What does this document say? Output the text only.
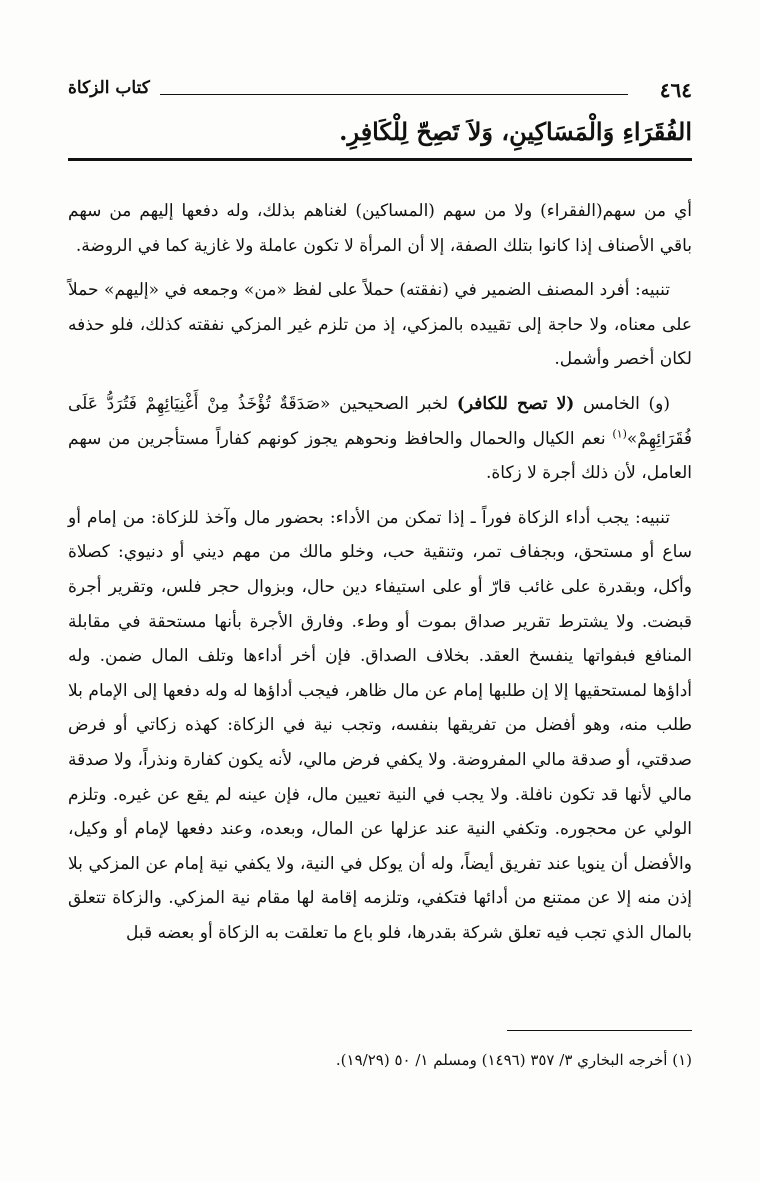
٤٦٤
كتاب الزكاة
الفُقَرَاءِ وَالْمَسَاكِينِ، وَلاَ تَصِحّ لِلْكَافِرِ.

أي من سهم(الفقراء) ولا من سهم (المساكين) لغناهم بذلك، وله دفعها إليهم من سهم باقي الأصناف إذا كانوا بتلك الصفة، إلا أن المرأة لا تكون عاملة ولا غازية كما في الروضة.

تنبيه: أفرد المصنف الضمير في (نفقته) حملاً على لفظ «من» وجمعه في «إليهم» حملاً على معناه، ولا حاجة إلى تقييده بالمزكي، إذ من تلزم غير المزكي نفقته كذلك، فلو حذفه لكان أخصر وأشمل.

(و) الخامس (لا تصح للكافر) لخبر الصحيحين «صَدَقَةٌ تُؤْخَذُ مِنْ أَغْنِيَائِهِمْ فَتُرَدُّ عَلَى فُقَرَائِهِمْ»$^{(١)}$ نعم الكيال والحمال والحافظ ونحوهم يجوز كونهم كفاراً مستأجرين من سهم العامل، لأن ذلك أجرة لا زكاة.

تنبيه: يجب أداء الزكاة فوراً ـ إذا تمكن من الأداء: بحضور مال وآخذ للزكاة: من إمام أو ساع أو مستحق، وبجفاف تمر، وتنقية حب، وخلو مالك من مهم ديني أو دنيوي: كصلاة وأكل، وبقدرة على غائب قارّ أو على استيفاء دين حال، وبزوال حجر فلس، وتقرير أجرة قبضت. ولا يشترط تقرير صداق بموت أو وطء. وفارق الأجرة بأنها مستحقة في مقابلة المنافع فبفواتها ينفسخ العقد. بخلاف الصداق. فإن أخر أداءها وتلف المال ضمن. وله أداؤها لمستحقيها إلا إن طلبها إمام عن مال ظاهر، فيجب أداؤها له وله دفعها إلى الإمام بلا طلب منه، وهو أفضل من تفريقها بنفسه، وتجب نية في الزكاة: كهذه زكاتي أو فرض صدقتي، أو صدقة مالي المفروضة. ولا يكفي فرض مالي، لأنه يكون كفارة ونذراً، ولا صدقة مالي لأنها قد تكون نافلة. ولا يجب في النية تعيين مال، فإن عينه لم يقع عن غيره. وتلزم الولي عن محجوره. وتكفي النية عند عزلها عن المال، وبعده، وعند دفعها لإمام أو وكيل، والأفضل أن ينويا عند تفريق أيضاً، وله أن يوكل في النية، ولا يكفي نية إمام عن المزكي بلا إذن منه إلا عن ممتنع من أدائها فتكفي، وتلزمه إقامة لها مقام نية المزكي. والزكاة تتعلق بالمال الذي تجب فيه تعلق شركة بقدرها، فلو باع ما تعلقت به الزكاة أو بعضه قبل

(١) أخرجه البخاري ٣/ ٣٥٧ (١٤٩٦) ومسلم ١/ ٥٠ (١٩/٢٩).
